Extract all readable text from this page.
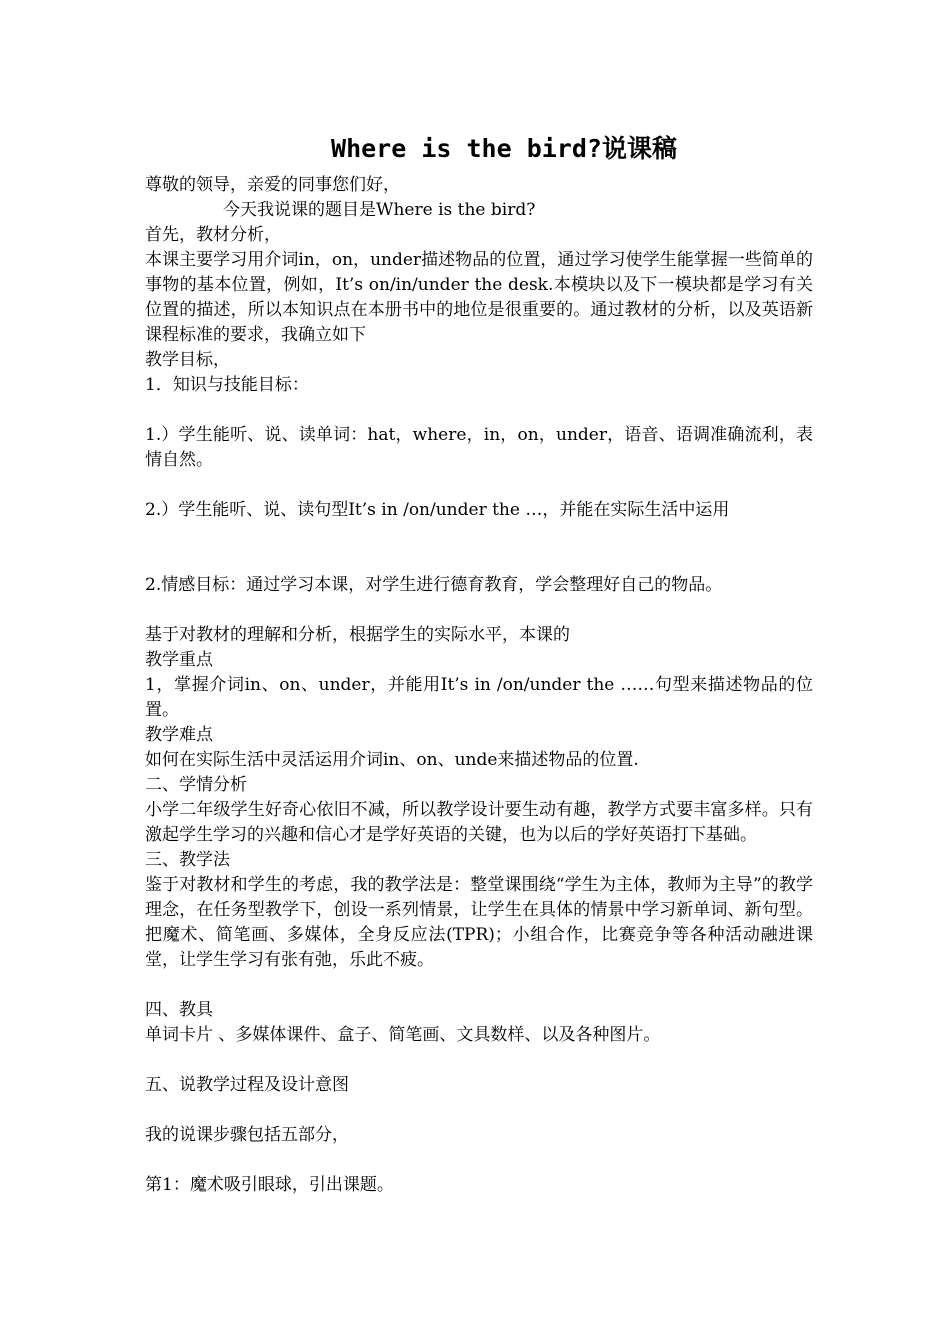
Where is the bird?说课稿
尊敬的领导，亲爱的同事您们好，
今天我说课的题目是Where is the bird?
首先，教材分析，
本课主要学习用介词in，on，under描述物品的位置，通过学习使学生能掌握一些简单的事物的基本位置，例如，It’s on/in/under the desk.本模块以及下一模块都是学习有关位置的描述，所以本知识点在本册书中的地位是很重要的。通过教材的分析，以及英语新课程标准的要求，我确立如下
教学目标，
1．知识与技能目标：
1.）学生能听、说、读单词：hat，where，in，on，under，语音、语调准确流利，表情自然。
2.）学生能听、说、读句型It’s in /on/under the …，并能在实际生活中运用
2.情感目标：通过学习本课，对学生进行德育教育，学会整理好自己的物品。
基于对教材的理解和分析，根据学生的实际水平，本课的
教学重点
1，掌握介词in、on、under，并能用It’s in /on/under the ……句型来描述物品的位置。
教学难点
如何在实际生活中灵活运用介词in、on、unde来描述物品的位置.
二、学情分析
小学二年级学生好奇心依旧不减，所以教学设计要生动有趣，教学方式要丰富多样。只有激起学生学习的兴趣和信心才是学好英语的关键，也为以后的学好英语打下基础。
三、教学法
鉴于对教材和学生的考虑，我的教学法是：整堂课围绕“学生为主体，教师为主导”的教学理念，在任务型教学下，创设一系列情景，让学生在具体的情景中学习新单词、新句型。把魔术、简笔画、多媒体，全身反应法(TPR)；小组合作，比赛竞争等各种活动融进课堂，让学生学习有张有弛，乐此不疲。
四、教具
单词卡片 、多媒体课件、盒子、简笔画、文具数样、以及各种图片。
五、说教学过程及设计意图
我的说课步骤包括五部分，
第1：魔术吸引眼球，引出课题。
